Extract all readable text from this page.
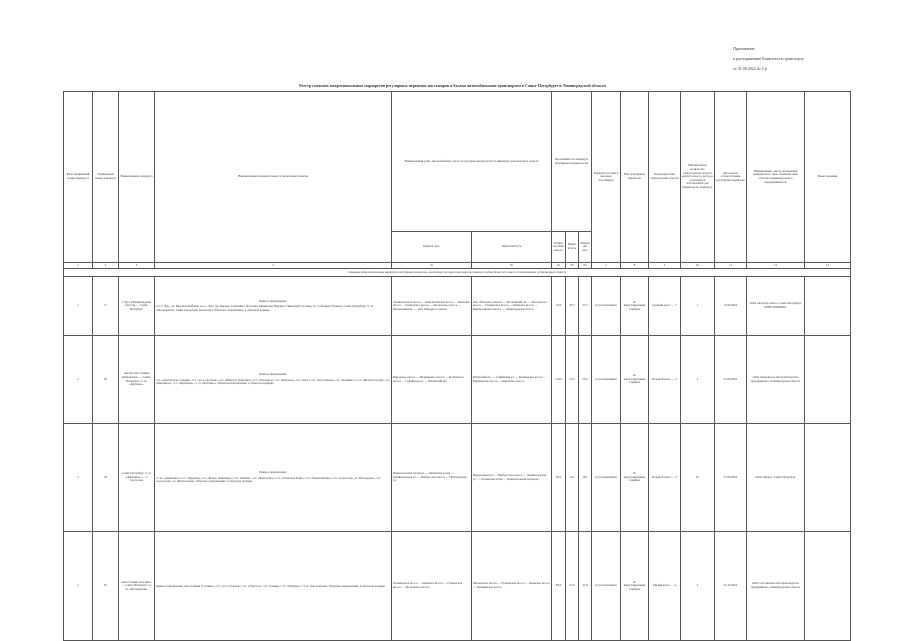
Приложение
к распоряжению Комитета по транспорту
от 31.08.2022 № 3-р
Реестр смежных межрегиональных маршрутов регулярных перевозок пассажиров и багажа автомобильным транспортом в Санкт-Петербурге и Ленинградской области
Регистрационный номер маршрута	Порядковый номер маршрута	Наименование маршрута	Наименования промежуточных остановочных пунктов	Наименования улиц, автомобильных дорог, по которым предполагается движение транспортных средств		Протяжённость маршрута регулярных перевозок, км			Порядок посадки и высадки пассажиров	Вид регулярных перевозок	Характеристики транспортных средств	Максимальное количество транспортных средств каждого класса, которое допускается использовать для перевозок по маршруту	Дата начала осуществления регулярных перевозок	Наименование, место нахождения юридического лица, фамилия, имя, отчество индивидуального предпринимателя	Иные сведения
				Прямой путь	Обратный путь	Общая протяжённость	Прямой путь	Обратный путь							
1	2	3	4	5а	5б	6а	6б	6в	7	8	9	10	11	12	13
Смежные межрегиональные маршруты регулярных перевозок, на которых посадка и высадка пассажиров осуществляется только в установленных остановочных пунктах															
1	1.1	г. Луга (Ленинградская область) — Санкт-Петербург	Прямое направление:
ост. г. Луга, ул. Красноармейская; ост. г. Луга, пр. Кирова; Толмачёво; Долговка; Мшинская; Вырица; Сиверский; Гатчина, ул. Соборная; Пулково; Санкт-Петербург, ст. м. «Московская»; Санкт-Петербург, автовокзал. Обратное направление: в обратном порядке	Ленинградское шоссе — Кингисеппское шоссе — Киевское шоссе — Пулковское шоссе — Московское шоссе — Московский пр. — наб. Обводного канала	наб. Обводного канала — Московский пр. — Московское шоссе — Пулковское шоссе — Киевское шоссе — Кингисеппское шоссе — Ленинградское шоссе	74,6	37,3	37,3	в установленных	по нерегулируемым тарифам	Средний класс — 7	1	15.06.2022	ООО «Аллегро-Авто», Санкт-Петербург, ИНН 7810000001	
2	29	Автобусная станция «Кировская» — Санкт-Петербург, ст. м. «Купчино»	Прямое направление:
ост. «Автобусная станция»; ост. «ул. Советская»; ост. «Невская Дубровка»; ост. «Отрадное»; ост. «Павлово»; ост. «Мга»; ост. «Пустынька»; ост. «Колпино»; ост. «Металлострой»; ост. «Рыбацкое»; ост. «Шушары»; ст. м. «Купчино». Обратное направление: в обратном порядке	Кировское шоссе — Мурманское шоссе — Колпинское шоссе — Софийская ул. — Витебский пр.	Витебский пр. — Софийская ул. — Колпинское шоссе — Мурманское шоссе — Кировское шоссе	110,0	55,0	55,0	в установленных	по нерегулируемым тарифам	Большой класс — 2	2	01.09.2022	ООО «Кировское автотранспортное предприятие», Ленинградская область	
3	44	Санкт-Петербург, ст. м. «Девяткино» — г. Сертолово	Прямое направление:
ст. м. «Девяткино»; ост. «Мурино»; ост. «Новое Девяткино»; ост. «Юкки»; ост. «Парголово»; ост. «Осиновая Роща»; ост. «Черная Речка»; ост. «Сертолово, ул. Молодцова»; ост. «Сертолово, ул. Центральная». Обратное направление: в обратном порядке	Привокзальная площадь — Охтинская аллея — Ленинградская ул. — Выборгское шоссе — Центральная ул.	Центральная ул. — Выборгское шоссе — Ленинградская ул. — Охтинская аллея — Привокзальная площадь	38,2	19,1	19,1	в установленных	по нерегулируемым тарифам	Большой класс — 3	10	01.09.2022	ООО «Ирис», Санкт-Петербург	
4	81	Автостанция «Гатчина» — Санкт-Петербург, ст. м. «Московская»	Прямое направление: автостанция «Гатчина»; ост. «ул. Соборная»; ост. «Пудость»; ост. «Таицы»; ост. «Пулково»; ст. м. «Московская». Обратное направление: в обратном порядке	Пушкинское шоссе — Киевское шоссе — Пулковское шоссе — Московское шоссе	Московское шоссе — Пулковское шоссе — Киевское шоссе — Пушкинское шоссе	83,6	41,8	41,8	в установленных	по нерегулируемым тарифам	Малый класс — 4	2	01.10.2022	ООО «Гатчинское автотранспортное предприятие», Ленинградская область	
